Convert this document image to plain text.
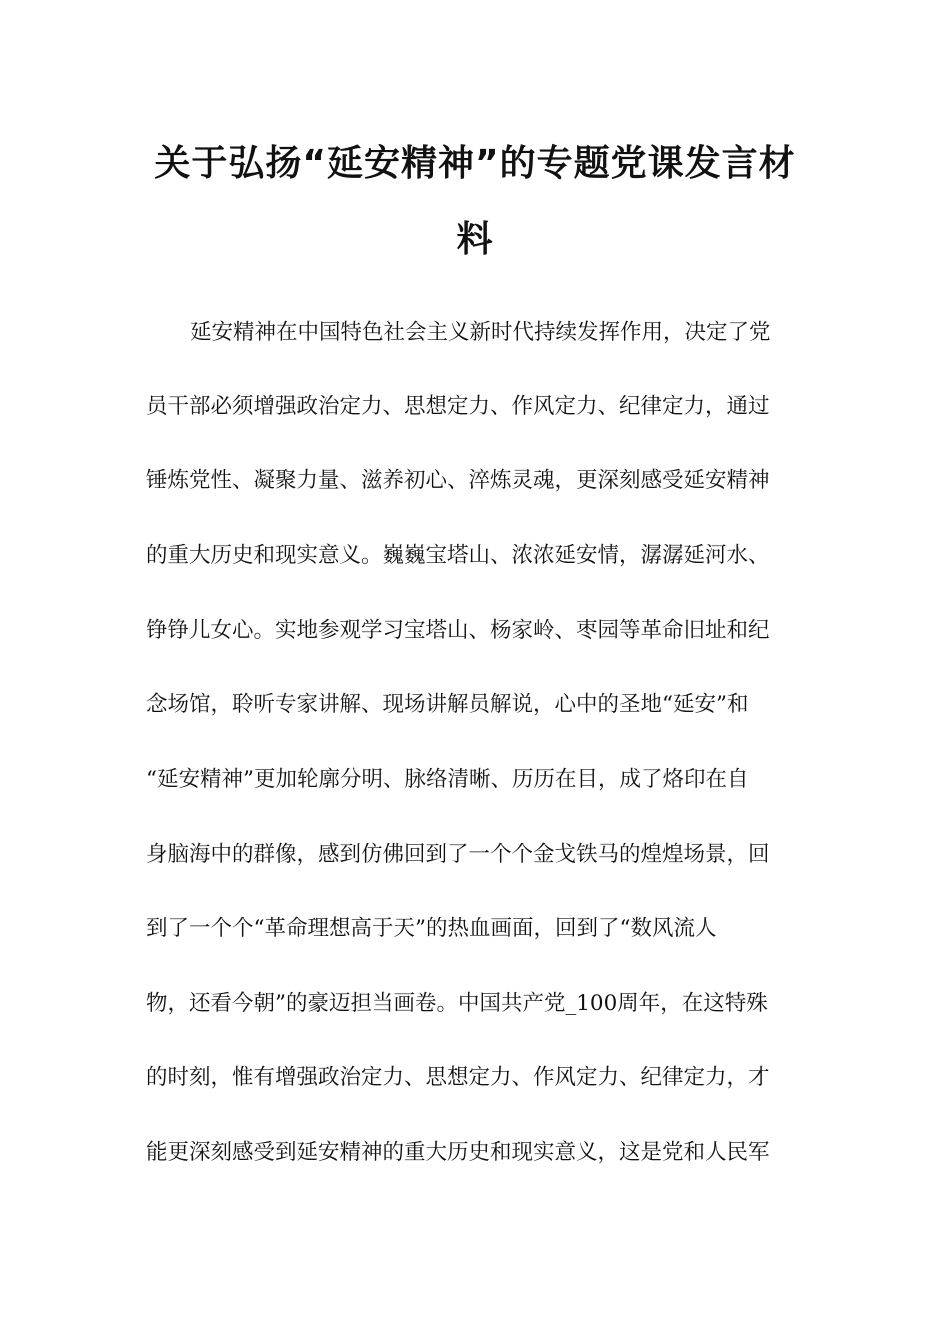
关于弘扬“延安精神”的专题党课发言材
料

延安精神在中国特色社会主义新时代持续发挥作用，决定了党

员干部必须增强政治定力、思想定力、作风定力、纪律定力，通过

锤炼党性、凝聚力量、滋养初心、淬炼灵魂，更深刻感受延安精神

的重大历史和现实意义。巍巍宝塔山、浓浓延安情，潺潺延河水、

铮铮儿女心。实地参观学习宝塔山、杨家岭、枣园等革命旧址和纪

念场馆，聆听专家讲解、现场讲解员解说，心中的圣地“延安”和

“延安精神”更加轮廓分明、脉络清晰、历历在目，成了烙印在自

身脑海中的群像，感到仿佛回到了一个个金戈铁马的煌煌场景，回

到了一个个“革命理想高于天”的热血画面，回到了“数风流人

物，还看今朝”的豪迈担当画卷。中国共产党_100周年，在这特殊

的时刻，惟有增强政治定力、思想定力、作风定力、纪律定力，才

能更深刻感受到延安精神的重大历史和现实意义，这是党和人民军
